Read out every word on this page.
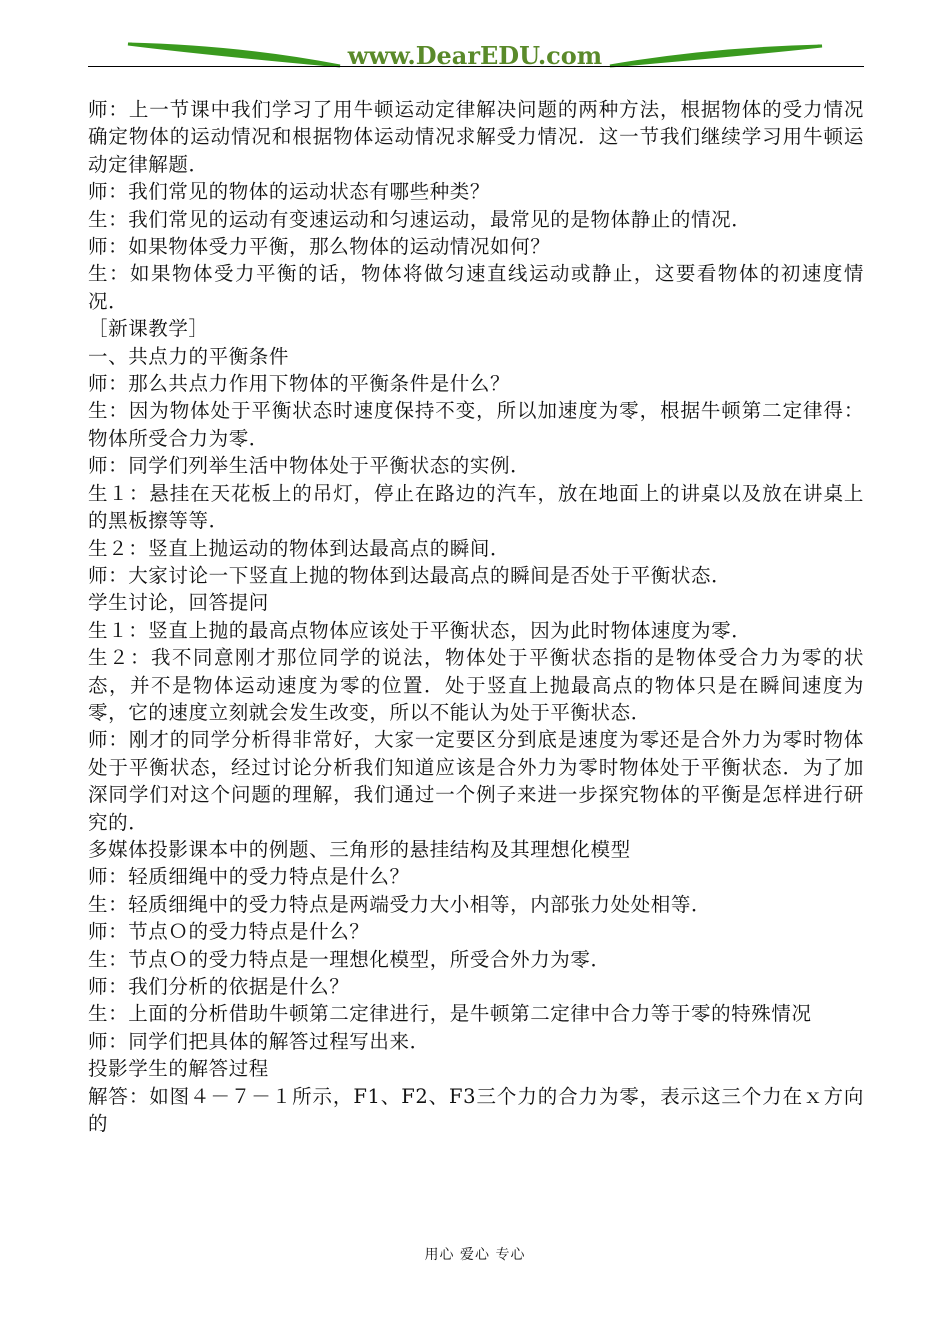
www.DearEDU.com

师：上一节课中我们学习了用牛顿运动定律解决问题的两种方法，根据物体的受力情况确定物体的运动情况和根据物体运动情况求解受力情况．这一节我们继续学习用牛顿运动定律解题．

师：我们常见的物体的运动状态有哪些种类？

生：我们常见的运动有变速运动和匀速运动，最常见的是物体静止的情况．

师：如果物体受力平衡，那么物体的运动情况如何？

生：如果物体受力平衡的话，物体将做匀速直线运动或静止，这要看物体的初速度情况．

［新课教学］

一、共点力的平衡条件

师：那么共点力作用下物体的平衡条件是什么？

生：因为物体处于平衡状态时速度保持不变，所以加速度为零，根据牛顿第二定律得：物体所受合力为零．

师：同学们列举生活中物体处于平衡状态的实例．

生１：悬挂在天花板上的吊灯，停止在路边的汽车，放在地面上的讲桌以及放在讲桌上的黑板擦等等．

生２：竖直上抛运动的物体到达最高点的瞬间．

师：大家讨论一下竖直上抛的物体到达最高点的瞬间是否处于平衡状态．

学生讨论，回答提问

生１：竖直上抛的最高点物体应该处于平衡状态，因为此时物体速度为零．

生２：我不同意刚才那位同学的说法，物体处于平衡状态指的是物体受合力为零的状态，并不是物体运动速度为零的位置．处于竖直上抛最高点的物体只是在瞬间速度为零，它的速度立刻就会发生改变，所以不能认为处于平衡状态．

师：刚才的同学分析得非常好，大家一定要区分到底是速度为零还是合外力为零时物体处于平衡状态，经过讨论分析我们知道应该是合外力为零时物体处于平衡状态．为了加深同学们对这个问题的理解，我们通过一个例子来进一步探究物体的平衡是怎样进行研究的．

多媒体投影课本中的例题、三角形的悬挂结构及其理想化模型

师：轻质细绳中的受力特点是什么？

生：轻质细绳中的受力特点是两端受力大小相等，内部张力处处相等．

师：节点Ｏ的受力特点是什么？

生：节点Ｏ的受力特点是一理想化模型，所受合外力为零．

师：我们分析的依据是什么？

生：上面的分析借助牛顿第二定律进行，是牛顿第二定律中合力等于零的特殊情况

师：同学们把具体的解答过程写出来．

投影学生的解答过程

解答：如图４－７－１所示，F1、F2、F3三个力的合力为零，表示这三个力在ｘ方向的

用心 爱心 专心
